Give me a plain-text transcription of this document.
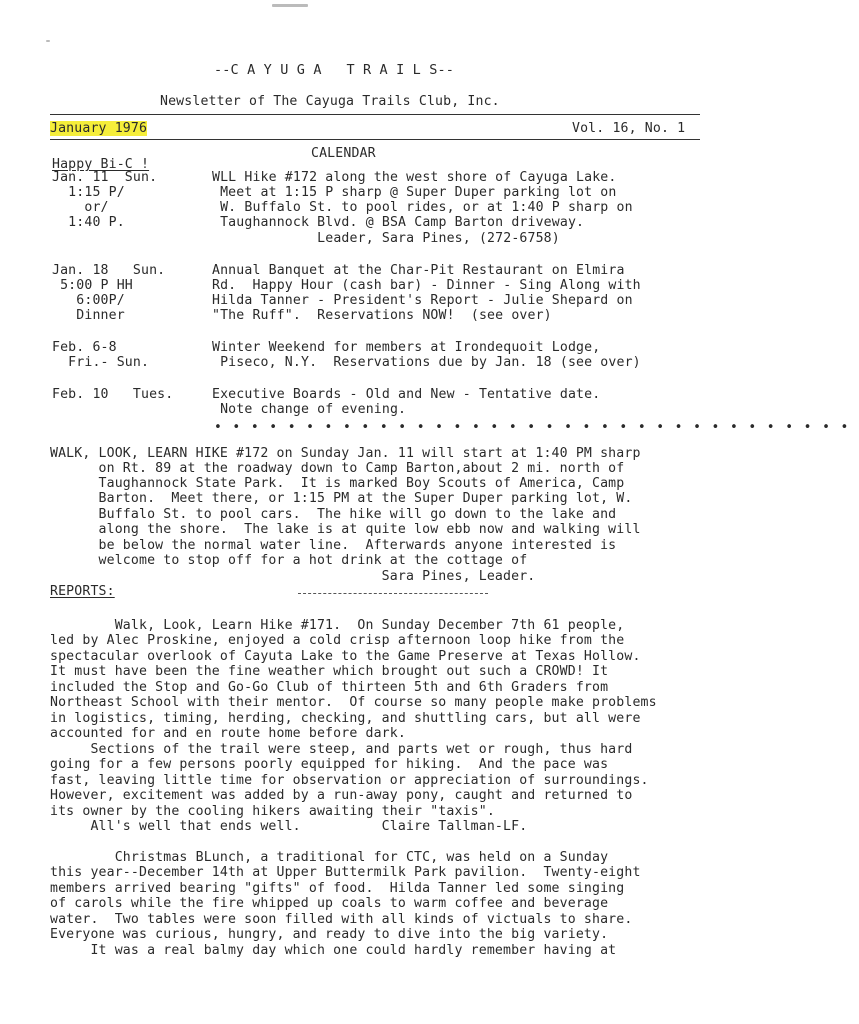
--C A Y U G A   T R A I L S--
Newsletter of The Cayuga Trails Club, Inc.
January 1976	Vol. 16, No. 1
CALENDAR
Happy Bi-C !
Jan. 11  Sun.
1:15 P/
or/
1:40 P.
WLL Hike #172 along the west shore of Cayuga Lake.
Meet at 1:15 P sharp @ Super Duper parking lot on
W. Buffalo St. to pool rides, or at 1:40 P sharp on
Taughannock Blvd. @ BSA Camp Barton driveway.
Leader, Sara Pines, (272-6758)
Jan. 18   Sun.
5:00 P HH
6:00P/
Dinner
Annual Banquet at the Char-Pit Restaurant on Elmira
Rd.  Happy Hour (cash bar) - Dinner - Sing Along with
Hilda Tanner - President's Report - Julie Shepard on
"The Ruff".  Reservations NOW!  (see over)
Feb. 6-8
Fri.- Sun.
Winter Weekend for members at Irondequoit Lodge,
Piseco, N.Y.  Reservations due by Jan. 18 (see over)
Feb. 10   Tues.	Executive Boards - Old and New - Tentative date.
Note change of evening.
•••••••••••••••••••••••••••••••••••
WALK, LOOK, LEARN HIKE #172 on Sunday Jan. 11 will start at 1:40 PM sharp
on Rt. 89 at the roadway down to Camp Barton,about 2 mi. north of
Taughannock State Park.  It is marked Boy Scouts of America, Camp
Barton.  Meet there, or 1:15 PM at the Super Duper parking lot, W.
Buffalo St. to pool cars.  The hike will go down to the lake and
along the shore.  The lake is at quite low ebb now and walking will
be below the normal water line.  Afterwards anyone interested is
welcome to stop off for a hot drink at the cottage of
Sara Pines, Leader.
REPORTS:
Walk, Look, Learn Hike #171.  On Sunday December 7th 61 people,
led by Alec Proskine, enjoyed a cold crisp afternoon loop hike from the
spectacular overlook of Cayuta Lake to the Game Preserve at Texas Hollow.
It must have been the fine weather which brought out such a CROWD! It
included the Stop and Go-Go Club of thirteen 5th and 6th Graders from
Northeast School with their mentor.  Of course so many people make problems
in logistics, timing, herding, checking, and shuttling cars, but all were
accounted for and en route home before dark.
Sections of the trail were steep, and parts wet or rough, thus hard
going for a few persons poorly equipped for hiking.  And the pace was
fast, leaving little time for observation or appreciation of surroundings.
However, excitement was added by a run-away pony, caught and returned to
its owner by the cooling hikers awaiting their "taxis".
All's well that ends well.          Claire Tallman-LF.
Christmas BLunch, a traditional for CTC, was held on a Sunday
this year--December 14th at Upper Buttermilk Park pavilion.  Twenty-eight
members arrived bearing "gifts" of food.  Hilda Tanner led some singing
of carols while the fire whipped up coals to warm coffee and beverage
water.  Two tables were soon filled with all kinds of victuals to share.
Everyone was curious, hungry, and ready to dive into the big variety.
It was a real balmy day which one could hardly remember having at
